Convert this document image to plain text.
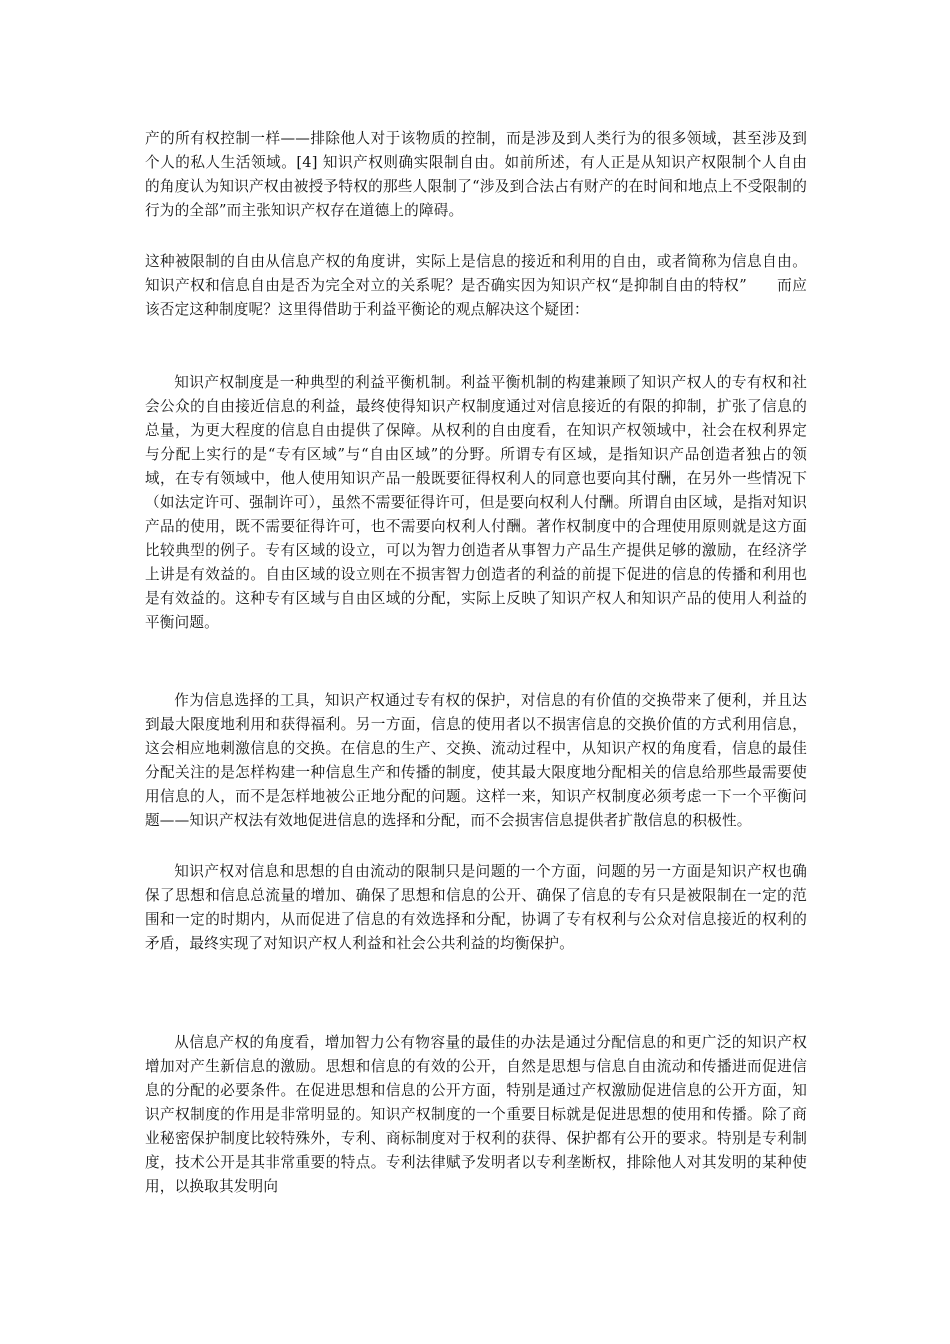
产的所有权控制一样——排除他人对于该物质的控制，而是涉及到人类行为的很多领域，甚至涉及到个人的私人生活领域。[4] 知识产权则确实限制自由。如前所述，有人正是从知识产权限制个人自由的角度认为知识产权由被授予特权的那些人限制了“涉及到合法占有财产的在时间和地点上不受限制的行为的全部”而主张知识产权存在道德上的障碍。

这种被限制的自由从信息产权的角度讲，实际上是信息的接近和利用的自由，或者简称为信息自由。知识产权和信息自由是否为完全对立的关系呢？是否确实因为知识产权“是抑制自由的特权”　　而应该否定这种制度呢？这里得借助于利益平衡论的观点解决这个疑团：

知识产权制度是一种典型的利益平衡机制。利益平衡机制的构建兼顾了知识产权人的专有权和社会公众的自由接近信息的利益，最终使得知识产权制度通过对信息接近的有限的抑制，扩张了信息的总量，为更大程度的信息自由提供了保障。从权利的自由度看，在知识产权领域中，社会在权利界定与分配上实行的是“专有区域”与“自由区域”的分野。所谓专有区域，是指知识产品创造者独占的领域，在专有领域中，他人使用知识产品一般既要征得权利人的同意也要向其付酬，在另外一些情况下（如法定许可、强制许可），虽然不需要征得许可，但是要向权利人付酬。所谓自由区域，是指对知识产品的使用，既不需要征得许可，也不需要向权利人付酬。著作权制度中的合理使用原则就是这方面比较典型的例子。专有区域的设立，可以为智力创造者从事智力产品生产提供足够的激励，在经济学上讲是有效益的。自由区域的设立则在不损害智力创造者的利益的前提下促进的信息的传播和利用也是有效益的。这种专有区域与自由区域的分配，实际上反映了知识产权人和知识产品的使用人利益的平衡问题。

作为信息选择的工具，知识产权通过专有权的保护，对信息的有价值的交换带来了便利，并且达到最大限度地利用和获得福利。另一方面，信息的使用者以不损害信息的交换价值的方式利用信息，这会相应地刺激信息的交换。在信息的生产、交换、流动过程中，从知识产权的角度看，信息的最佳分配关注的是怎样构建一种信息生产和传播的制度，使其最大限度地分配相关的信息给那些最需要使用信息的人，而不是怎样地被公正地分配的问题。这样一来，知识产权制度必须考虑一下一个平衡问题——知识产权法有效地促进信息的选择和分配，而不会损害信息提供者扩散信息的积极性。

知识产权对信息和思想的自由流动的限制只是问题的一个方面，问题的另一方面是知识产权也确保了思想和信息总流量的增加、确保了思想和信息的公开、确保了信息的专有只是被限制在一定的范围和一定的时期内，从而促进了信息的有效选择和分配，协调了专有权利与公众对信息接近的权利的矛盾，最终实现了对知识产权人利益和社会公共利益的均衡保护。

从信息产权的角度看，增加智力公有物容量的最佳的办法是通过分配信息的和更广泛的知识产权增加对产生新信息的激励。思想和信息的有效的公开，自然是思想与信息自由流动和传播进而促进信息的分配的必要条件。在促进思想和信息的公开方面，特别是通过产权激励促进信息的公开方面，知识产权制度的作用是非常明显的。知识产权制度的一个重要目标就是促进思想的使用和传播。除了商业秘密保护制度比较特殊外，专利、商标制度对于权利的获得、保护都有公开的要求。特别是专利制度，技术公开是其非常重要的特点。专利法律赋予发明者以专利垄断权，排除他人对其发明的某种使用，以换取其发明向
